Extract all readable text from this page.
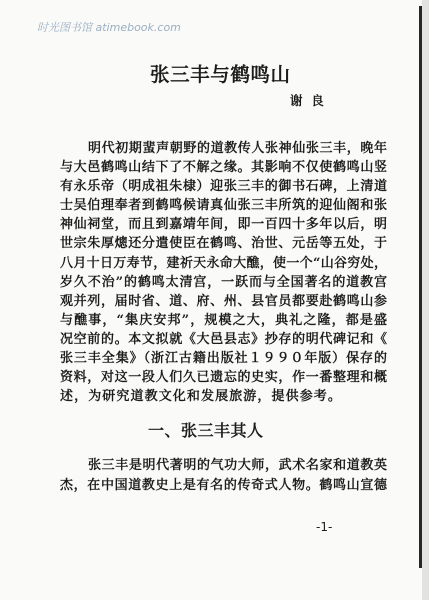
时光图书馆 atimebook.com
张三丰与鹤鸣山
谢  良
明代初期蜚声朝野的道教传人张神仙张三丰，晚年
与大邑鹤鸣山结下了不解之缘。其影响不仅使鹤鸣山竖
有永乐帝（明成祖朱棣）迎张三丰的御书石碑，上清道
士吴伯理奉者到鹤鸣候请真仙张三丰所筑的迎仙阁和张
神仙祠堂，而且到嘉靖年间，即一百四十多年以后，明
世宗朱厚熜还分遣使臣在鹤鸣、治世、元岳等五处，于
八月十日万寿节，建祈天永命大醮，使一个“山谷穷处，
岁久不治”的鹤鸣太清宫，一跃而与全国著名的道教宫
观并列，届时省、道、府、州、县官员都要赴鹤鸣山参
与醮事，“集庆安邦”，规模之大，典礼之隆，都是盛
况空前的。本文拟就《大邑县志》抄存的明代碑记和《
张三丰全集》（浙江古籍出版社１９９０年版）保存的
资料，对这一段人们久已遗忘的史实，作一番整理和概
述，为研究道教文化和发展旅游，提供参考。
一、张三丰其人
张三丰是明代著明的气功大师，武术名家和道教英
杰，在中国道教史上是有名的传奇式人物。鹤鸣山宣德
-1-
